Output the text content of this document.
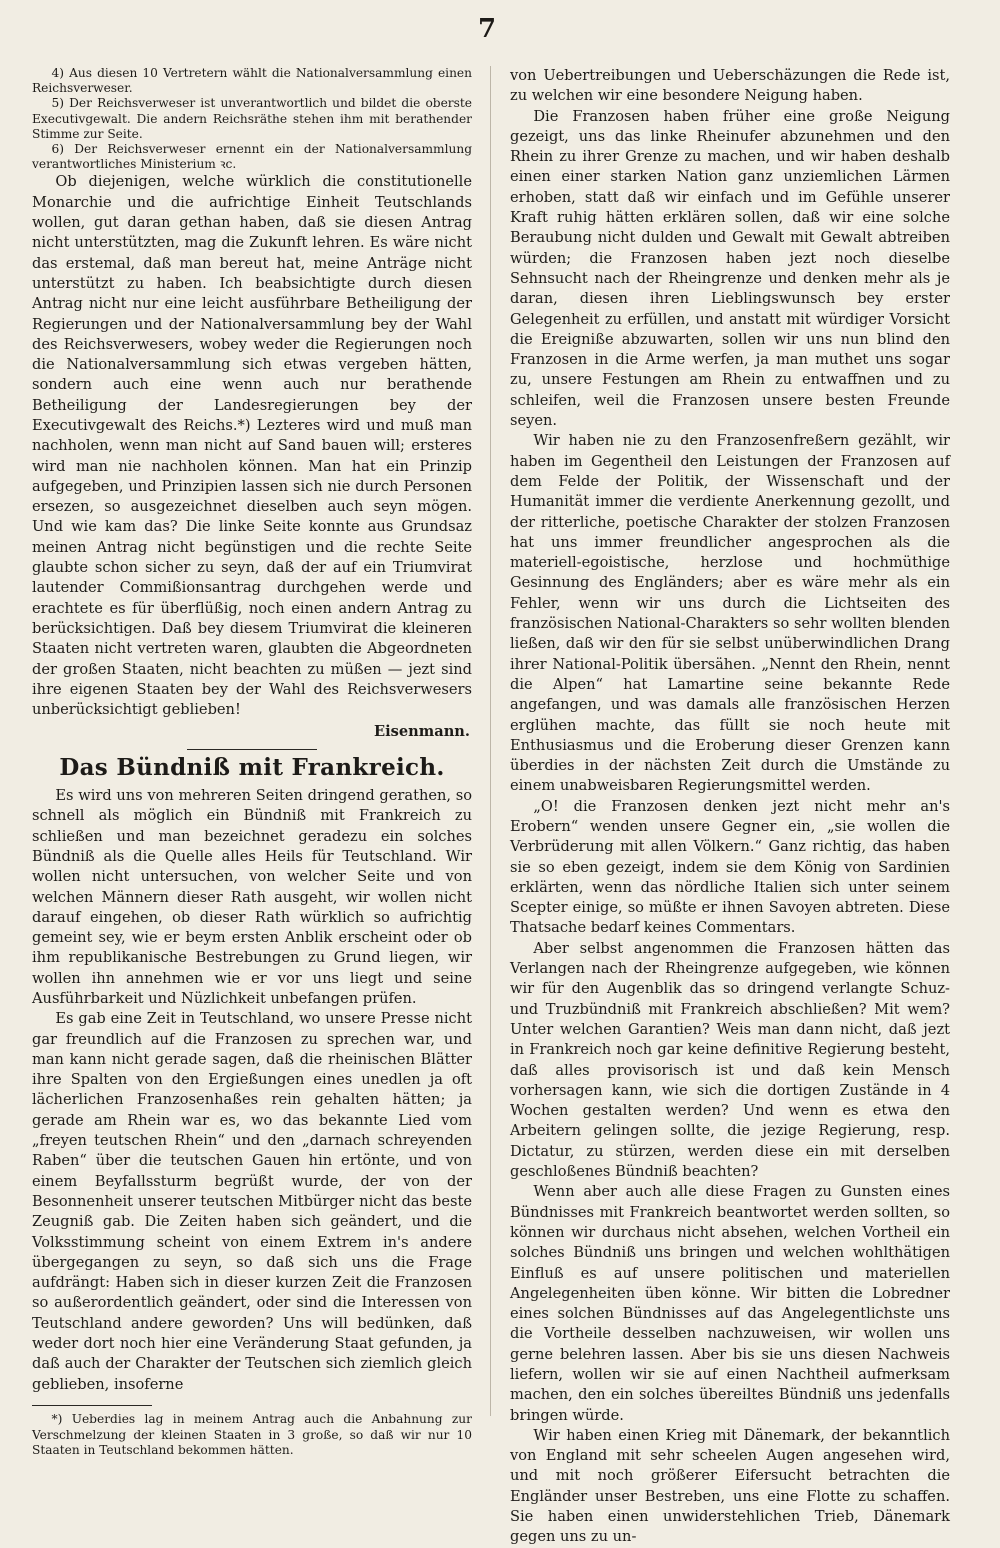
7

4) Aus diesen 10 Vertretern wählt die Nationalversammlung einen Reichsverweser.

5) Der Reichsverweser ist unverantwortlich und bildet die oberste Executivgewalt. Die andern Reichsräthe stehen ihm mit berathender Stimme zur Seite.

6) Der Reichsverweser ernennt ein der Nationalversammlung verantwortliches Ministerium ꝛc.

Ob diejenigen, welche würklich die constitutionelle Monarchie und die aufrichtige Einheit Teutschlands wollen, gut daran gethan haben, daß sie diesen Antrag nicht unterstützten, mag die Zukunft lehren. Es wäre nicht das erstemal, daß man bereut hat, meine Anträge nicht unterstützt zu haben. Ich beabsichtigte durch diesen Antrag nicht nur eine leicht ausführbare Betheiligung der Regierungen und der Nationalversammlung bey der Wahl des Reichsverwesers, wobey weder die Regierungen noch die Nationalversammlung sich etwas vergeben hätten, sondern auch eine wenn auch nur berathende Betheiligung der Landesregierungen bey der Executivgewalt des Reichs.*) Lezteres wird und muß man nachholen, wenn man nicht auf Sand bauen will; ersteres wird man nie nachholen können. Man hat ein Prinzip aufgegeben, und Prinzipien lassen sich nie durch Personen ersezen, so ausgezeichnet dieselben auch seyn mögen. Und wie kam das? Die linke Seite konnte aus Grundsaz meinen Antrag nicht begünstigen und die rechte Seite glaubte schon sicher zu seyn, daß der auf ein Triumvirat lautender Commißionsantrag durchgehen werde und erachtete es für überflüßig, noch einen andern Antrag zu berücksichtigen. Daß bey diesem Triumvirat die kleineren Staaten nicht vertreten waren, glaubten die Abgeordneten der großen Staaten, nicht beachten zu müßen — jezt sind ihre eigenen Staaten bey der Wahl des Reichsverwesers unberücksichtigt geblieben!

Eisenmann.
Das Bündniß mit Frankreich.

Es wird uns von mehreren Seiten dringend gerathen, so schnell als möglich ein Bündniß mit Frankreich zu schließen und man bezeichnet geradezu ein solches Bündniß als die Quelle alles Heils für Teutschland. Wir wollen nicht untersuchen, von welcher Seite und von welchen Männern dieser Rath ausgeht, wir wollen nicht darauf eingehen, ob dieser Rath würklich so aufrichtig gemeint sey, wie er beym ersten Anblik erscheint oder ob ihm republikanische Bestrebungen zu Grund liegen, wir wollen ihn annehmen wie er vor uns liegt und seine Ausführbarkeit und Nüzlichkeit unbefangen prüfen.

Es gab eine Zeit in Teutschland, wo unsere Presse nicht gar freundlich auf die Franzosen zu sprechen war, und man kann nicht gerade sagen, daß die rheinischen Blätter ihre Spalten von den Ergießungen eines unedlen ja oft lächerlichen Franzosenhaßes rein gehalten hätten; ja gerade am Rhein war es, wo das bekannte Lied vom „freyen teutschen Rhein“ und den „darnach schreyenden Raben“ über die teutschen Gauen hin ertönte, und von einem Beyfallssturm begrüßt wurde, der von der Besonnenheit unserer teutschen Mitbürger nicht das beste Zeugniß gab. Die Zeiten haben sich geändert, und die Volksstimmung scheint von einem Extrem in's andere übergegangen zu seyn, so daß sich uns die Frage aufdrängt: Haben sich in dieser kurzen Zeit die Franzosen so außerordentlich geändert, oder sind die Interessen von Teutschland andere geworden? Uns will bedünken, daß weder dort noch hier eine Veränderung Staat gefunden, ja daß auch der Charakter der Teutschen sich ziemlich gleich geblieben, insoferne

*) Ueberdies lag in meinem Antrag auch die Anbahnung zur Verschmelzung der kleinen Staaten in 3 große, so daß wir nur 10 Staaten in Teutschland bekommen hätten.

von Uebertreibungen und Ueberschäzungen die Rede ist, zu welchen wir eine besondere Neigung haben.

Die Franzosen haben früher eine große Neigung gezeigt, uns das linke Rheinufer abzunehmen und den Rhein zu ihrer Grenze zu machen, und wir haben deshalb einen einer starken Nation ganz unziemlichen Lärmen erhoben, statt daß wir einfach und im Gefühle unserer Kraft ruhig hätten erklären sollen, daß wir eine solche Beraubung nicht dulden und Gewalt mit Gewalt abtreiben würden; die Franzosen haben jezt noch dieselbe Sehnsucht nach der Rheingrenze und denken mehr als je daran, diesen ihren Lieblingswunsch bey erster Gelegenheit zu erfüllen, und anstatt mit würdiger Vorsicht die Ereigniße abzuwarten, sollen wir uns nun blind den Franzosen in die Arme werfen, ja man muthet uns sogar zu, unsere Festungen am Rhein zu entwaffnen und zu schleifen, weil die Franzosen unsere besten Freunde seyen.

Wir haben nie zu den Franzosenfreßern gezählt, wir haben im Gegentheil den Leistungen der Franzosen auf dem Felde der Politik, der Wissenschaft und der Humanität immer die verdiente Anerkennung gezollt, und der ritterliche, poetische Charakter der stolzen Franzosen hat uns immer freundlicher angesprochen als die materiell-egoistische, herzlose und hochmüthige Gesinnung des Engländers; aber es wäre mehr als ein Fehler, wenn wir uns durch die Lichtseiten des französischen National-Charakters so sehr wollten blenden ließen, daß wir den für sie selbst unüberwindlichen Drang ihrer National-Politik übersähen. „Nennt den Rhein, nennt die Alpen“ hat Lamartine seine bekannte Rede angefangen, und was damals alle französischen Herzen erglühen machte, das füllt sie noch heute mit Enthusiasmus und die Eroberung dieser Grenzen kann überdies in der nächsten Zeit durch die Umstände zu einem unabweisbaren Regierungsmittel werden.

„O! die Franzosen denken jezt nicht mehr an's Erobern“ wenden unsere Gegner ein, „sie wollen die Verbrüderung mit allen Völkern.“ Ganz richtig, das haben sie so eben gezeigt, indem sie dem König von Sardinien erklärten, wenn das nördliche Italien sich unter seinem Scepter einige, so müßte er ihnen Savoyen abtreten. Diese Thatsache bedarf keines Commentars.

Aber selbst angenommen die Franzosen hätten das Verlangen nach der Rheingrenze aufgegeben, wie können wir für den Augenblik das so dringend verlangte Schuz- und Truzbündniß mit Frankreich abschließen? Mit wem? Unter welchen Garantien? Weis man dann nicht, daß jezt in Frankreich noch gar keine definitive Regierung besteht, daß alles provisorisch ist und daß kein Mensch vorhersagen kann, wie sich die dortigen Zustände in 4 Wochen gestalten werden? Und wenn es etwa den Arbeitern gelingen sollte, die jezige Regierung, resp. Dictatur, zu stürzen, werden diese ein mit derselben geschloßenes Bündniß beachten?

Wenn aber auch alle diese Fragen zu Gunsten eines Bündnisses mit Frankreich beantwortet werden sollten, so können wir durchaus nicht absehen, welchen Vortheil ein solches Bündniß uns bringen und welchen wohlthätigen Einfluß es auf unsere politischen und materiellen Angelegenheiten üben könne. Wir bitten die Lobredner eines solchen Bündnisses auf das Angelegentlichste uns die Vortheile desselben nachzuweisen, wir wollen uns gerne belehren lassen. Aber bis sie uns diesen Nachweis liefern, wollen wir sie auf einen Nachtheil aufmerksam machen, den ein solches übereiltes Bündniß uns jedenfalls bringen würde.

Wir haben einen Krieg mit Dänemark, der bekanntlich von England mit sehr scheelen Augen angesehen wird, und mit noch größerer Eifersucht betrachten die Engländer unser Bestreben, uns eine Flotte zu schaffen. Sie haben einen unwiderstehlichen Trieb, Dänemark gegen uns zu un-
